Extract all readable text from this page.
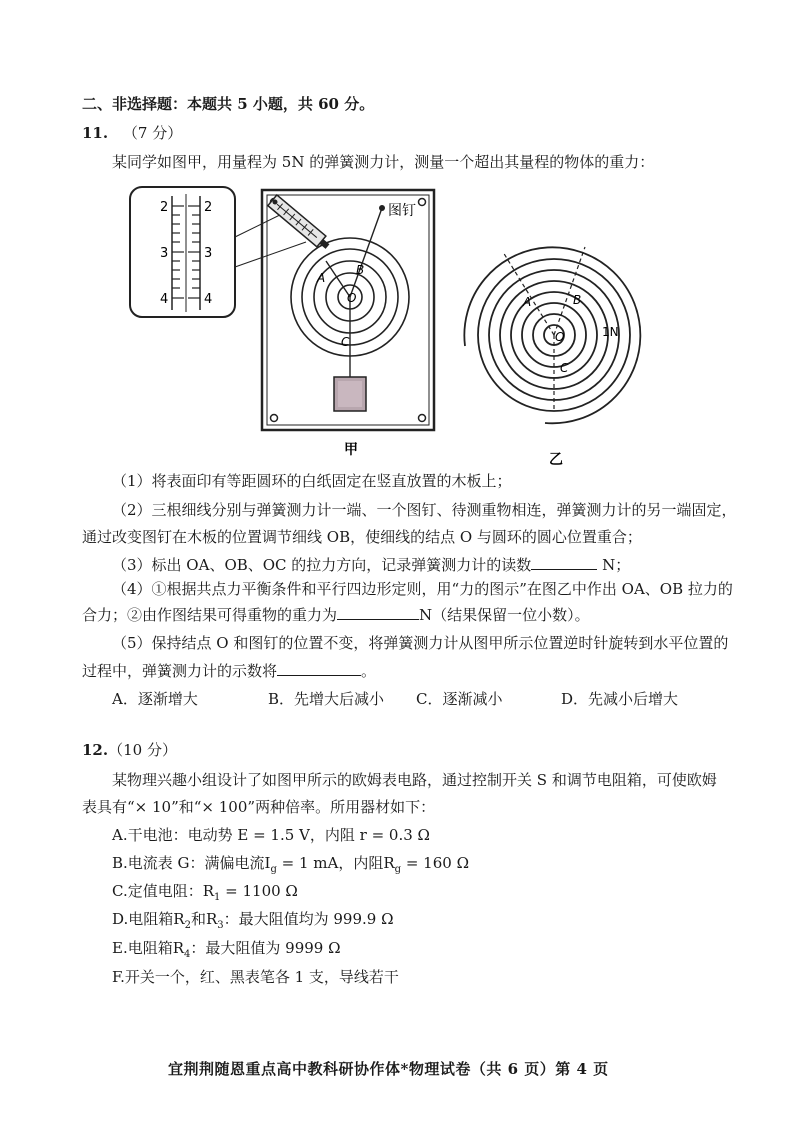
二、非选择题：本题共 5 小题，共 60 分。
11. （7 分）
某同学如图甲，用量程为 5N 的弹簧测力计，测量一个超出其量程的物体的重力：
2
3
4
2
3
4
图钉
A
B
O
C
甲
A	B
O
C
1N
乙
（1）将表面印有等距圆环的白纸固定在竖直放置的木板上；
（2）三根细线分别与弹簧测力计一端、一个图钉、待测重物相连，弹簧测力计的另一端固定，
通过改变图钉在木板的位置调节细线 OB，使细线的结点 O 与圆环的圆心位置重合；
（3）标出 OA、OB、OC 的拉力方向，记录弹簧测力计的读数	N；
（4）①根据共点力平衡条件和平行四边形定则，用“力的图示”在图乙中作出 OA、OB 拉力的
合力；②由作图结果可得重物的重力为	N（结果保留一位小数）。
（5）保持结点 O 和图钉的位置不变，将弹簧测力计从图甲所示位置逆时针旋转到水平位置的
过程中，弹簧测力计的示数将	。
A．逐渐增大	B．先增大后减小 C．逐渐减小	D．先减小后增大
12.（10 分）
某物理兴趣小组设计了如图甲所示的欧姆表电路，通过控制开关 S 和调节电阻箱，可使欧姆
表具有“× 10”和“× 100”两种倍率。所用器材如下：
A.干电池：电动势 E = 1.5 V，内阻 r = 0.3 Ω
B.电流表 G：满偏电流$I_g = 1$ mA，内阻$R_g = 160$ Ω
C.定值电阻：$R_1 = 1100$ Ω
D.电阻箱$R_2$和$R_3$：最大阻值均为 999.9 Ω
E.电阻箱$R_4$：最大阻值为 9999 Ω
F.开关一个，红、黑表笔各 1 支，导线若干
宜荆荆随恩重点高中教科研协作体*物理试卷（共 6 页）第 4 页
